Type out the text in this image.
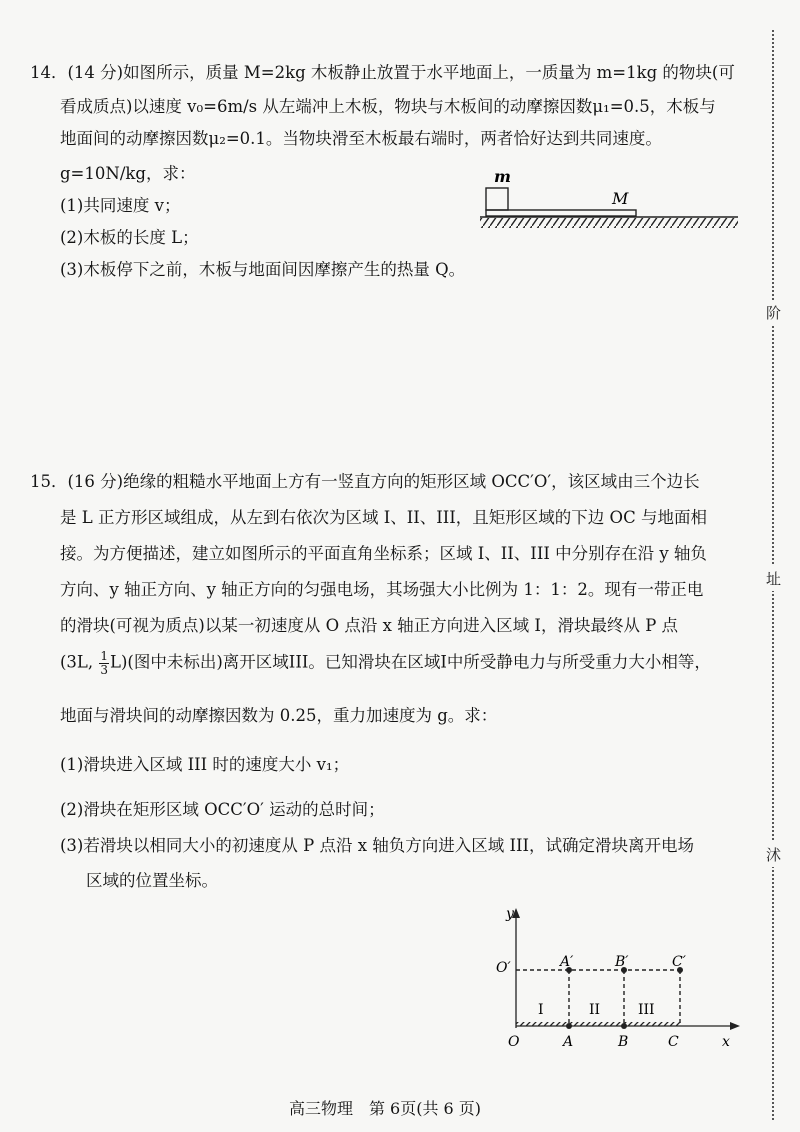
阶
址
沭
14．(14 分)如图所示，质量 M=2kg 木板静止放置于水平地面上，一质量为 m=1kg 的物块(可
看成质点)以速度 v₀=6m/s 从左端冲上木板，物块与木板间的动摩擦因数μ₁=0.5，木板与
地面间的动摩擦因数μ₂=0.1。当物块滑至木板最右端时，两者恰好达到共同速度。
g=10N/kg，求：
(1)共同速度 v；
(2)木板的长度 L；
(3)木板停下之前，木板与地面间因摩擦产生的热量 Q。
m
M
15．(16 分)绝缘的粗糙水平地面上方有一竖直方向的矩形区域 OCC′O′，该区域由三个边长
是 L 正方形区域组成，从左到右依次为区域 I、II、III，且矩形区域的下边 OC 与地面相
接。为方便描述，建立如图所示的平面直角坐标系；区域 I、II、III 中分别存在沿 y 轴负
方向、y 轴正方向、y 轴正方向的匀强电场，其场强大小比例为 1：1：2。现有一带正电
的滑块(可视为质点)以某一初速度从 O 点沿 x 轴正方向进入区域 I，滑块最终从 P 点
(3L, $\frac{1}{3} L$)(图中未标出)离开区域III。已知滑块在区域I中所受静电力与所受重力大小相等，
地面与滑块间的动摩擦因数为 0.25，重力加速度为 g。求：
(1)滑块进入区域 III 时的速度大小 v₁；
(2)滑块在矩形区域 OCC′O′ 运动的总时间；
(3)若滑块以相同大小的初速度从 P 点沿 x 轴负方向进入区域 III，试确定滑块离开电场
区域的位置坐标。
y
x
O′	A′	B′	C′
I	II	III
O	A	B	C
高三物理　第 6页(共 6 页)
